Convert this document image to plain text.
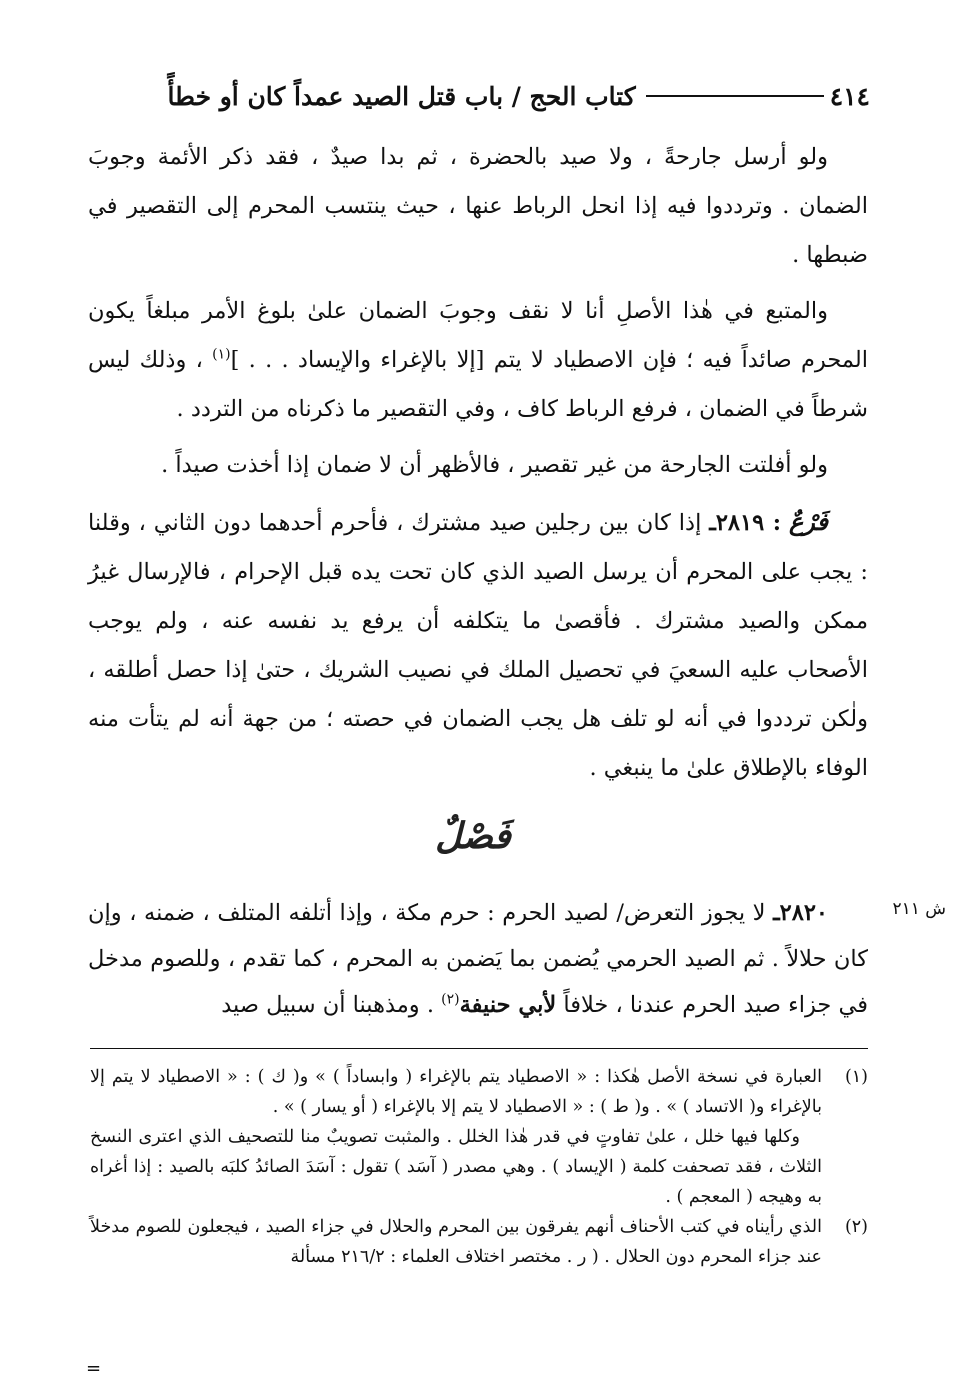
٤١٤
كتاب الحج / باب قتل الصيد عمداً كان أو خطأً

ولو أرسل جارحةً ، ولا صيد بالحضرة ، ثم بدا صيدٌ ، فقد ذكر الأئمة وجوبَ الضمان . وترددوا فيه إذا انحل الرباط عنها ، حيث ينتسب المحرم إلى التقصير في ضبطها .

والمتبع في هٰذا الأصلِ أنا لا نقف وجوبَ الضمان علىٰ بلوغ الأمر مبلغاً يكون المحرم صائداً فيه ؛ فإن الاصطياد لا يتم [إلا بالإغراء والإيساد . . . ]$^{(١)}$ ، وذلك ليس شرطاً في الضمان ، فرفع الرباط كاف ، وفي التقصير ما ذكرناه من التردد .

ولو أفلتت الجارحة من غير تقصير ، فالأظهر أن لا ضمان إذا أخذت صيداً .

فَرْعٌ : ٢٨١٩ـ إذا كان بين رجلين صيد مشترك ، فأحرم أحدهما دون الثاني ، وقلنا : يجب على المحرم أن يرسل الصيد الذي كان تحت يده قبل الإحرام ، فالإرسال غيرُ ممكن والصيد مشترك . فأقصىٰ ما يتكلفه أن يرفع يد نفسه عنه ، ولم يوجب الأصحاب عليه السعيَ في تحصيل الملك في نصيب الشريك ، حتىٰ إذا حصل أطلقه ، ولٰكن ترددوا في أنه لو تلف هل يجب الضمان في حصته ؛ من جهة أنه لم يتأت منه الوفاء بالإطلاق علىٰ ما ينبغي .

فَصْلٌ
ش ٢١١

٢٨٢٠ـ لا يجوز التعرض/ لصيد الحرم : حرم مكة ، وإذا أتلفه المتلف ، ضمنه ، وإن كان حلالاً . ثم الصيد الحرمي يُضمن بما يَضمن به المحرم ، كما تقدم ، وللصوم مدخل في جزاء صيد الحرم عندنا ، خلافاً لأبي حنيفة$^{(٢)}$ . ومذهبنا أن سبيل صيد

(١)

العبارة في نسخة الأصل هٰكذا : « الاصطياد يتم بالإغراء ( وابساداً ) » و( ك ) : « الاصطياد لا يتم إلا بالإغراء و( الاتساد ) » . و( ط ) : « الاصطياد لا يتم إلا بالإغراء ( أو يسار ) » .

وكلها فيها خلل ، علىٰ تفاوتٍ في قدر هٰذا الخلل . والمثبت تصويبٌ منا للتصحيف الذي اعترى النسخ الثلاث ، فقد تصحفت كلمة ( الإيساد ) . وهي مصدر ( آسَد ) تقول : آسَدَ الصائدُ كلبَه بالصيد : إذا أغراه به وهيجه ( المعجم ) .

(٢)

الذي رأيناه في كتب الأحناف أنهم يفرقون بين المحرم والحلال في جزاء الصيد ، فيجعلون للصوم مدخلاً عند جزاء المحرم دون الحلال . ( ر . مختصر اختلاف العلماء : ٢١٦/٢ مسألة

=
